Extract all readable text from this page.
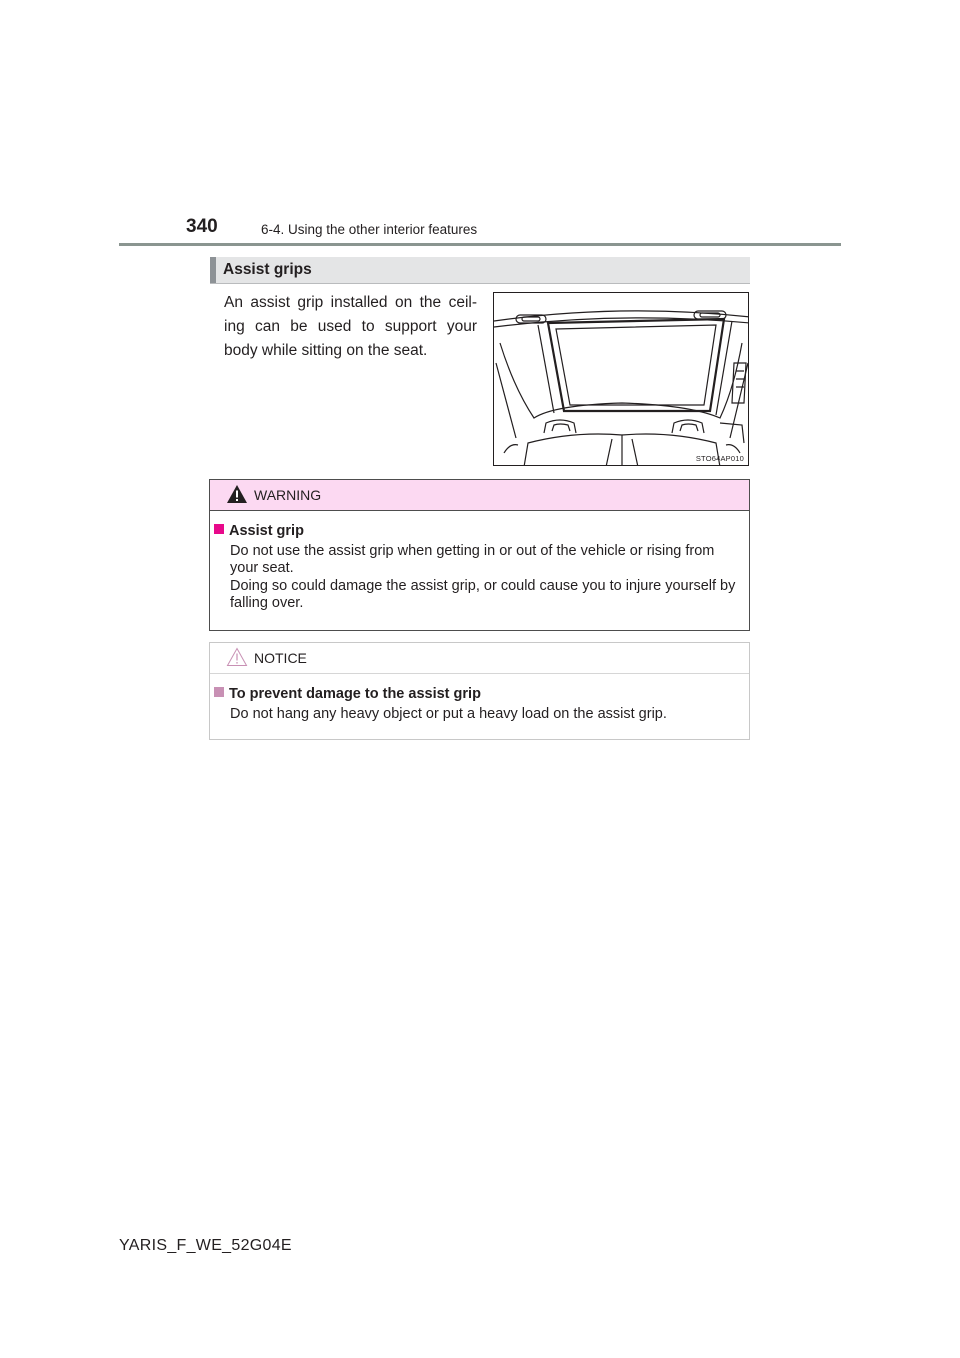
340	6-4. Using the other interior features
Assist grips
An assist grip installed on the ceil- ing can be used to support your body while sitting on the seat.
STO64AP010
WARNING
Assist grip
Do not use the assist grip when getting in or out of the vehicle or rising from your seat.
Doing so could damage the assist grip, or could cause you to injure yourself by falling over.
NOTICE
To prevent damage to the assist grip
Do not hang any heavy object or put a heavy load on the assist grip.
YARIS_F_WE_52G04E
